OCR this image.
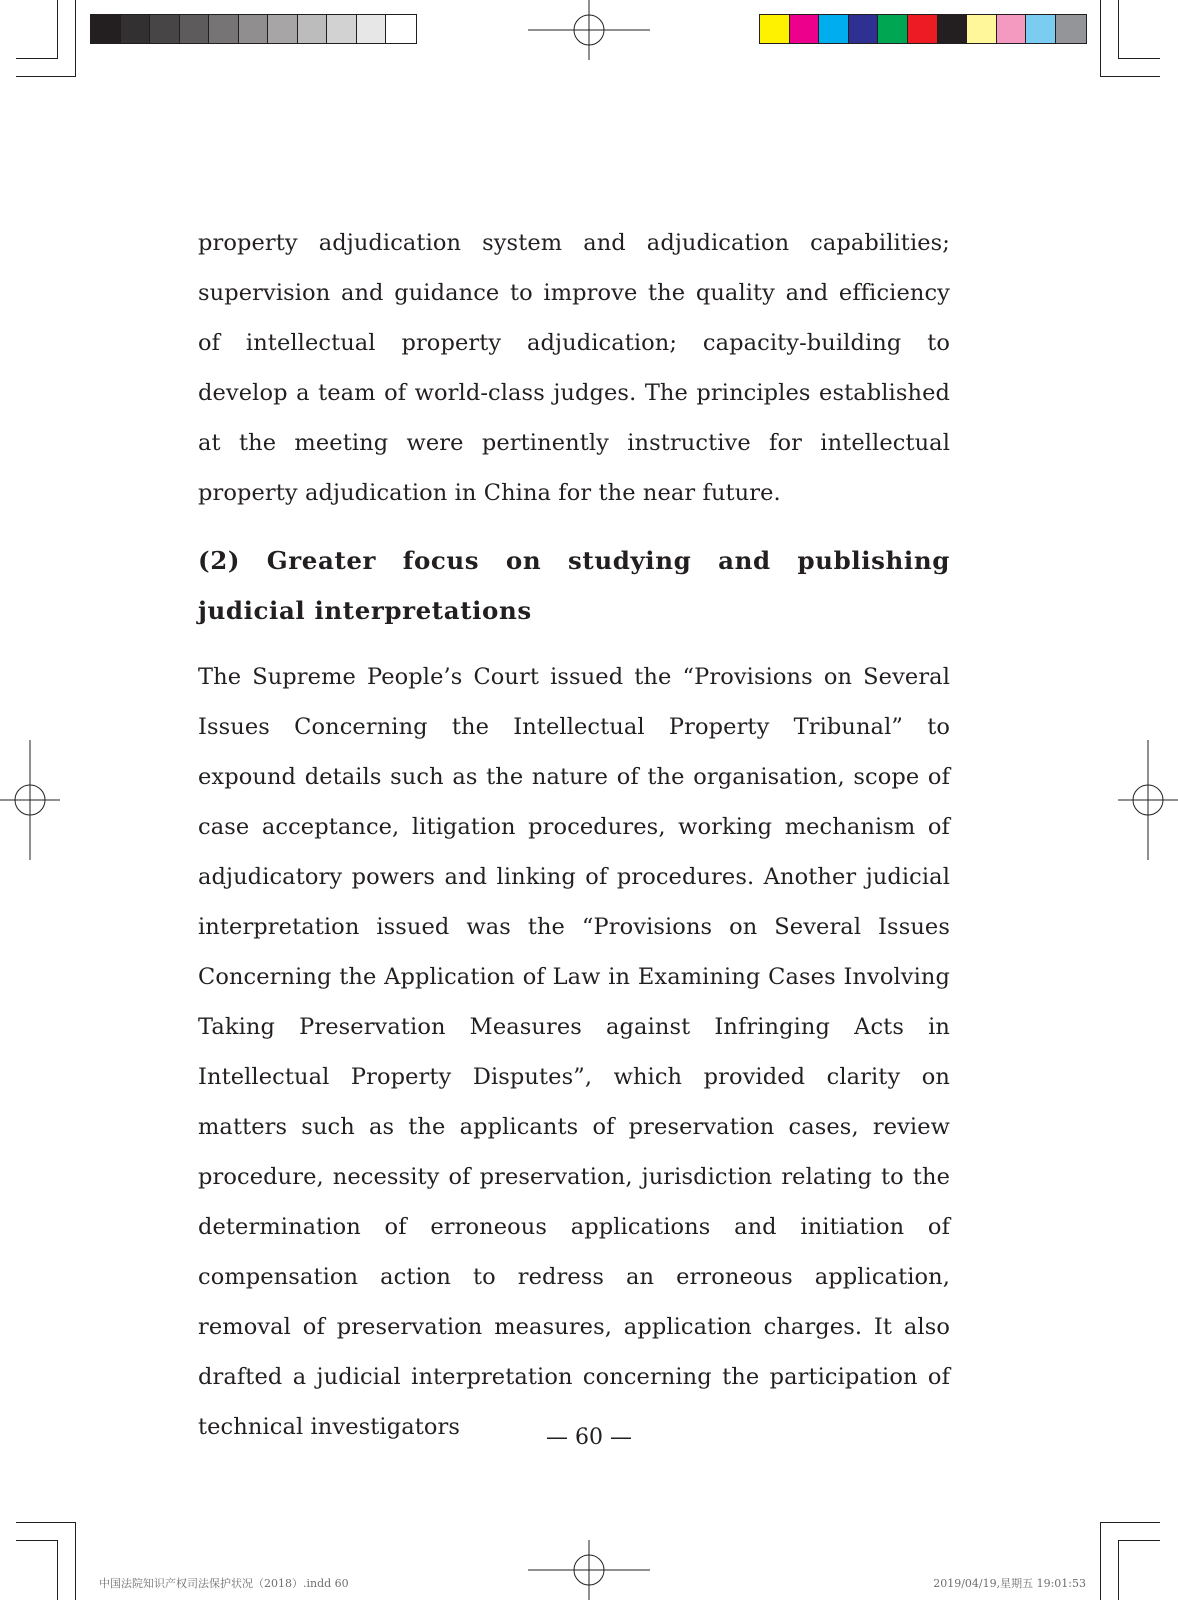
property adjudication system and adjudication capabilities; supervision and guidance to improve the quality and efficiency of intellectual property adjudication; capacity-building to develop a team of world-class judges. The principles established at the meeting were pertinently instructive for intellectual property adjudication in China for the near future.

(2) Greater focus on studying and publishing judicial interpretations

The Supreme People’s Court issued the “Provisions on Several Issues Concerning the Intellectual Property Tribunal” to expound details such as the nature of the organisation, scope of case acceptance, litigation procedures, working mechanism of adjudicatory powers and linking of procedures. Another judicial interpretation issued was the “Provisions on Several Issues Concerning the Application of Law in Examining Cases Involving Taking Preservation Measures against Infringing Acts in Intellectual Property Disputes”, which provided clarity on matters such as the applicants of preservation cases, review procedure, necessity of preservation, jurisdiction relating to the determination of erroneous applications and initiation of compensation action to redress an erroneous application, removal of preservation measures, application charges. It also drafted a judicial interpretation concerning the participation of technical investigators	— 60 —
中国法院知识产权司法保护状况（2018）.indd 60	2019/04/19,星期五 19:01:53
